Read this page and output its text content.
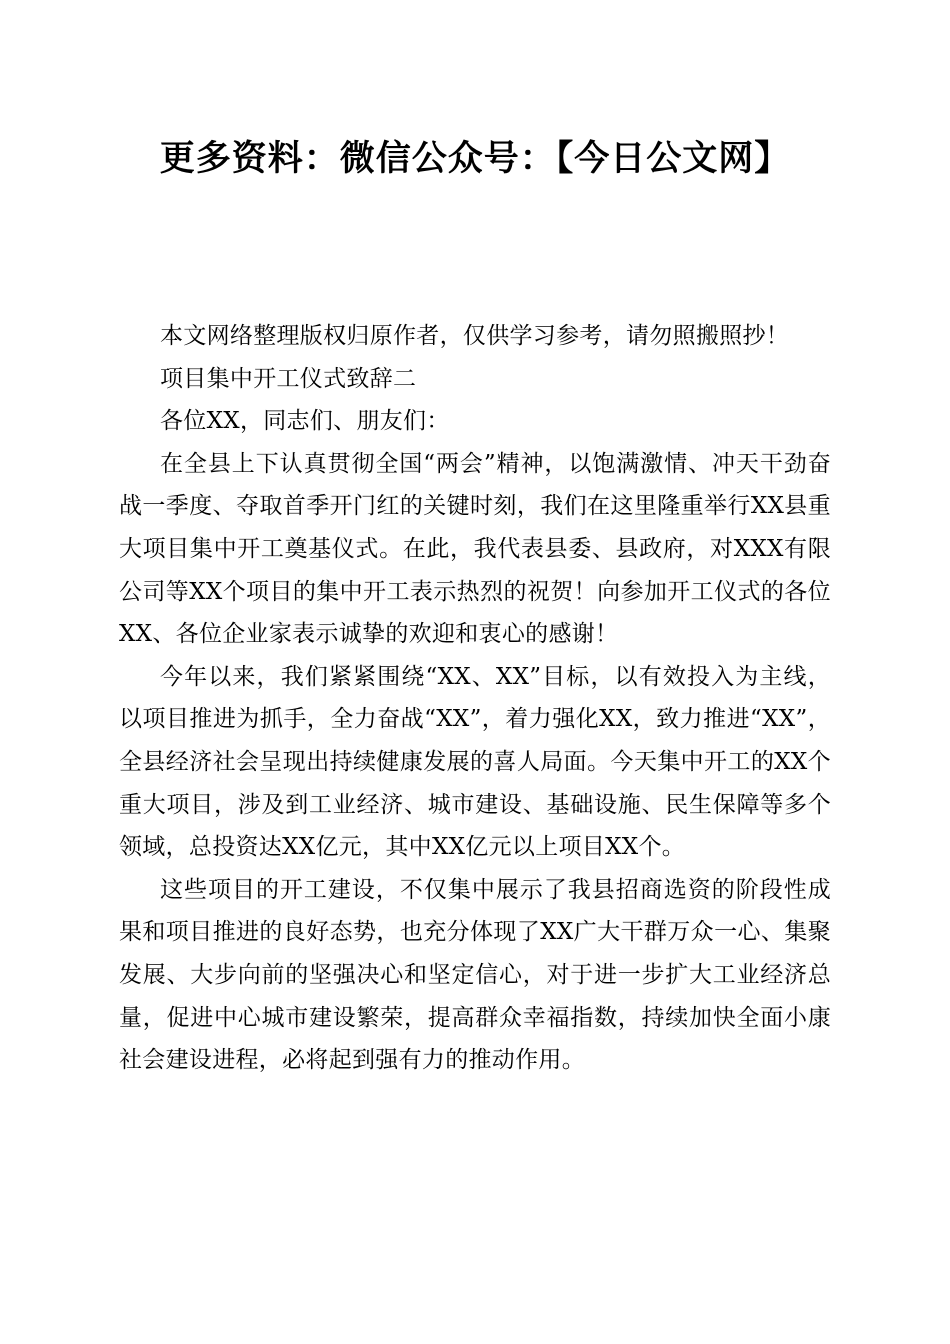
更多资料：微信公众号：【今日公文网】

本文网络整理版权归原作者，仅供学习参考，请勿照搬照抄！

项目集中开工仪式致辞二

各位XX，同志们、朋友们：

在全县上下认真贯彻全国“两会”精神，以饱满激情、冲天干劲奋战一季度、夺取首季开门红的关键时刻，我们在这里隆重举行XX县重大项目集中开工奠基仪式。在此，我代表县委、县政府，对XXX有限公司等XX个项目的集中开工表示热烈的祝贺！向参加开工仪式的各位XX、各位企业家表示诚挚的欢迎和衷心的感谢！

今年以来，我们紧紧围绕“XX、XX”目标，以有效投入为主线，以项目推进为抓手，全力奋战“XX”，着力强化XX，致力推进“XX”，全县经济社会呈现出持续健康发展的喜人局面。今天集中开工的XX个重大项目，涉及到工业经济、城市建设、基础设施、民生保障等多个领域，总投资达XX亿元，其中XX亿元以上项目XX个。

这些项目的开工建设，不仅集中展示了我县招商选资的阶段性成果和项目推进的良好态势，也充分体现了XX广大干群万众一心、集聚发展、大步向前的坚强决心和坚定信心，对于进一步扩大工业经济总量，促进中心城市建设繁荣，提高群众幸福指数，持续加快全面小康社会建设进程，必将起到强有力的推动作用。
